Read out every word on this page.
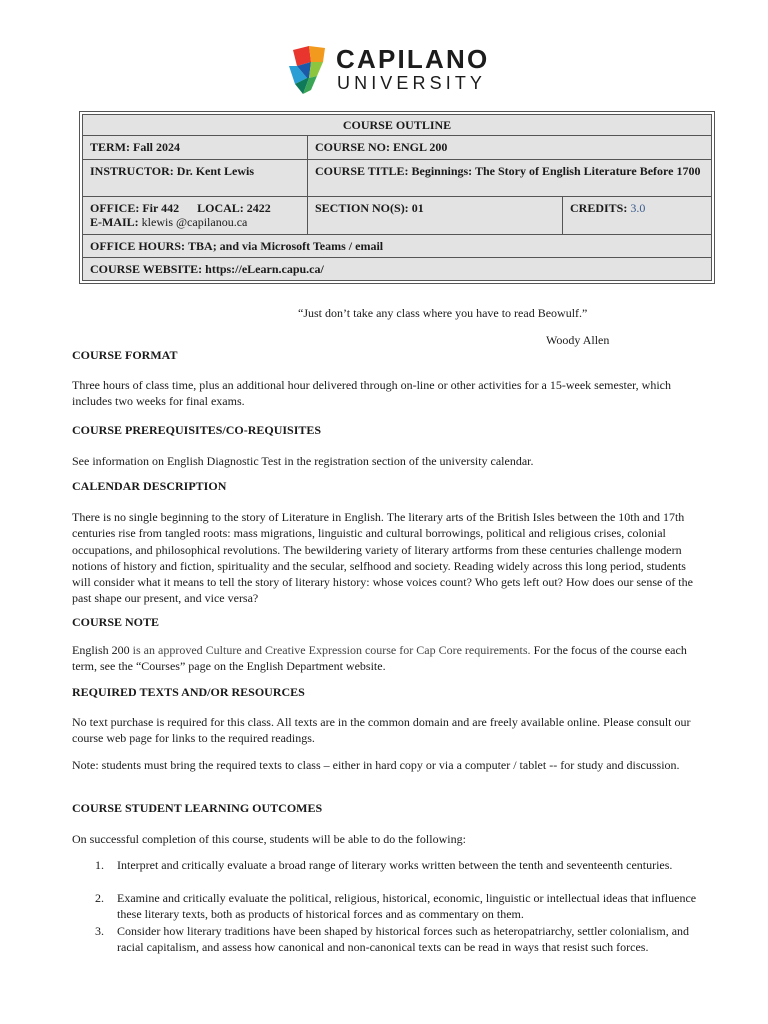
CAPILANO
UNIVERSITY
COURSE OUTLINE		
TERM: Fall 2024	COURSE NO: ENGL 200	
INSTRUCTOR: Dr. Kent Lewis	COURSE TITLE: Beginnings: The Story of English Literature Before 1700	
OFFICE: Fir 442 LOCAL: 2422
E-MAIL: klewis @capilanou.ca	SECTION NO(S): 01	CREDITS: 3.0
OFFICE HOURS: TBA; and via Microsoft Teams / email		
COURSE WEBSITE: https://eLearn.capu.ca/		
“Just don’t take any class where you have to read Beowulf.”
Woody Allen
COURSE FORMAT
Three hours of class time, plus an additional hour delivered through on-line or other activities for a 15-week semester, which includes two weeks for final exams.
COURSE PREREQUISITES/CO-REQUISITES
See information on English Diagnostic Test in the registration section of the university calendar.
CALENDAR DESCRIPTION
There is no single beginning to the story of Literature in English. The literary arts of the British Isles between the 10th and 17th centuries rise from tangled roots: mass migrations, linguistic and cultural borrowings, political and religious crises, colonial occupations, and philosophical revolutions. The bewildering variety of literary artforms from these centuries challenge modern notions of history and fiction, spirituality and the secular, selfhood and society. Reading widely across this long period, students will consider what it means to tell the story of literary history: whose voices count? Who gets left out? How does our sense of the past shape our present, and vice versa?
COURSE NOTE
English 200 is an approved Culture and Creative Expression course for Cap Core requirements. For the focus of the course each term, see the “Courses” page on the English Department website.
REQUIRED TEXTS AND/OR RESOURCES
No text purchase is required for this class. All texts are in the common domain and are freely available online. Please consult our course web page for links to the required readings.
Note: students must bring the required texts to class – either in hard copy or via a computer / tablet -- for study and discussion.
COURSE STUDENT LEARNING OUTCOMES
On successful completion of this course, students will be able to do the following:
1. Interpret and critically evaluate a broad range of literary works written between the tenth and seventeenth centuries.
2. Examine and critically evaluate the political, religious, historical, economic, linguistic or intellectual ideas that influence these literary texts, both as products of historical forces and as commentary on them.
3. Consider how literary traditions have been shaped by historical forces such as heteropatriarchy, settler colonialism, and racial capitalism, and assess how canonical and non-canonical texts can be read in ways that resist such forces.
